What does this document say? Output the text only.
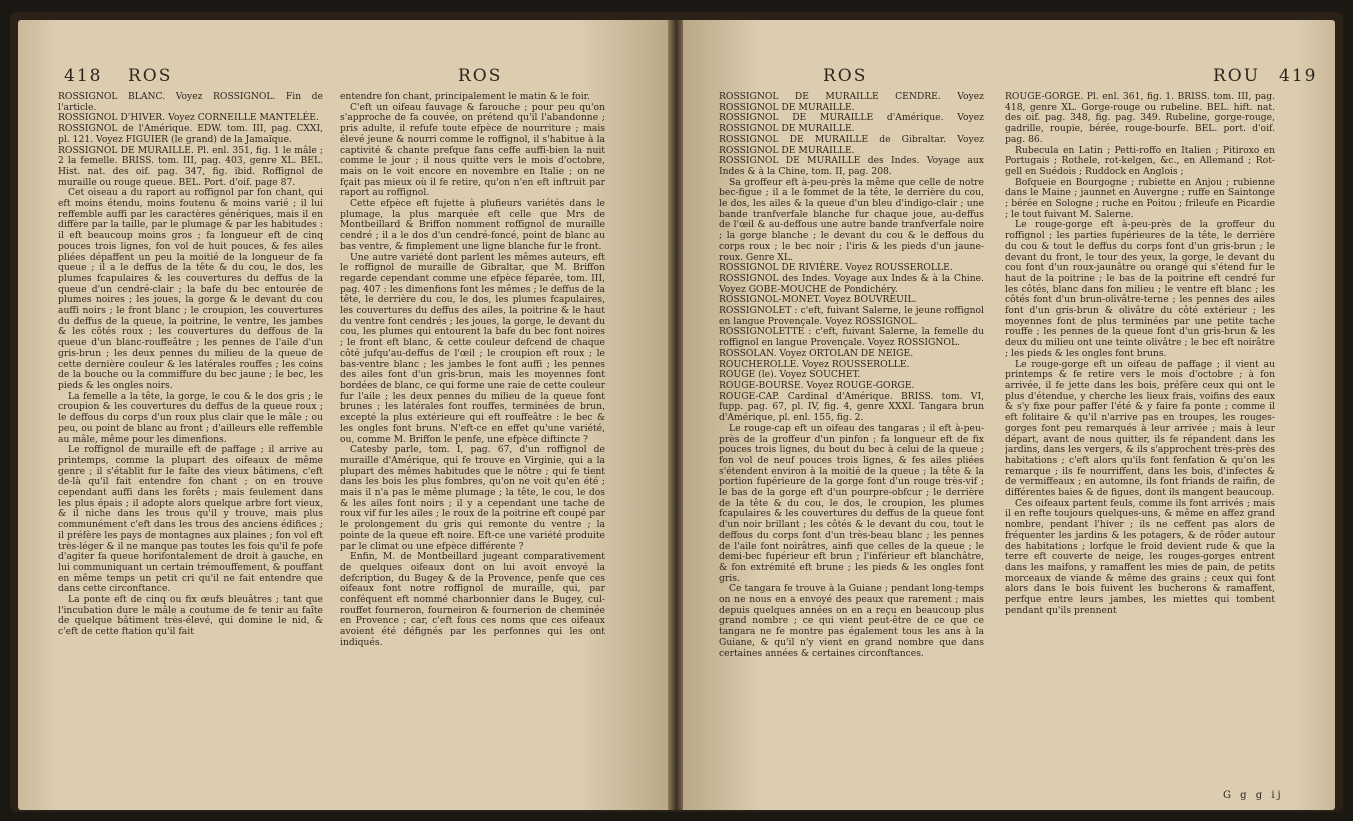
418 ROS	ROS

ROSSIGNOL BLANC. Voyez ROSSIGNOL. Fin de l'article.

ROSSIGNOL D'HIVER. Voyez CORNEILLE MANTELÉE.

ROSSIGNOL de l'Amérique. EDW. tom. III, pag. CXXI, pl. 121. Voyez FIGUIER (le grand) de la Jamaïque.

ROSSIGNOL DE MURAILLE. Pl. enl. 351, fig. 1 le mâle ; 2 la femelle. BRISS. tom. III, pag. 403, genre XL. BEL. Hist. nat. des oif. pag. 347, fig. ibid. Roffignol de muraille ou rouge queue. BEL. Port. d'oif. page 87.

Cet oiseau a du raport au roffignol par fon chant, qui eft moins étendu, moins foutenu & moins varié ; il lui reffemble auffi par les caractères génériques, mais il en diffère par la taille, par le plumage & par les habitudes : il eft beaucoup moins gros ; fa longueur eft de cinq pouces trois lignes, fon vol de huit pouces, & fes ailes pliées dépaffent un peu la moitié de la longueur de fa queue ; il a le deffus de la tête & du cou, le dos, les plumes fcapulaires & les couvertures du deffus de la queue d'un cendré-clair ; la bafe du bec entourée de plumes noires ; les joues, la gorge & le devant du cou auffi noirs ; le front blanc ; le croupion, les couvertures du deffus de la queue, la poitrine, le ventre, les jambes & les côtés roux ; les couvertures du deffous de la queue d'un blanc-rouffeâtre ; les pennes de l'aile d'un gris-brun ; les deux pennes du milieu de la queue de cette dernière couleur & les latérales rouffes ; les coins de la bouche ou la commiffure du bec jaune ; le bec, les pieds & les ongles noirs.

La femelle a la tête, la gorge, le cou & le dos gris ; le croupion & les couvertures du deffus de la queue roux ; le deffous du corps d'un roux plus clair que le mâle ; ou peu, ou point de blanc au front ; d'ailleurs elle reffemble au mâle, même pour les dimenfions.

Le roffignol de muraille eft de paffage ; il arrive au printemps, comme la plupart des oifeaux de même genre ; il s'établit fur le faîte des vieux bâtimens, c'eft de-là qu'il fait entendre fon chant ; on en trouve cependant auffi dans les forêts ; mais feulement dans les plus épais ; il adopte alors quelque arbre fort vieux, & il niche dans les trous qu'il y trouve, mais plus communément c'eft dans les trous des anciens édifices ; il préfère les pays de montagnes aux plaines ; fon vol eft très-léger & il ne manque pas toutes les fois qu'il fe pofe d'agiter fa queue horifontalement de droit à gauche, en lui communiquant un certain trémouffement, & pouffant en même temps un petit cri qu'il ne fait entendre que dans cette circonftance.

La ponte eft de cinq ou fix œufs bleuâtres ; tant que l'incubation dure le mâle a coutume de fe tenir au faîte de quelque bâtiment très-élevé, qui domine le nid, & c'eft de cette ftation qu'il fait

entendre fon chant, principalement le matin & le foir.

C'eft un oifeau fauvage & farouche ; pour peu qu'on s'approche de fa couvée, on prétend qu'il l'abandonne ; pris adulte, il refufe toute efpèce de nourriture ; mais élevé jeune & nourri comme le roffignol, il s'habitue à la captivité & chante prefque fans ceffe auffi-bien la nuit comme le jour ; il nous quitte vers le mois d'octobre, mais on le voit encore en novembre en Italie ; on ne fçait pas mieux où il fe retire, qu'on n'en eft inftruit par raport au roffignol.

Cette efpèce eft fujette à plufieurs variétés dans le plumage, la plus marquée eft celle que Mrs de Montbeillard & Briffon nomment roffignol de muraille cendré ; il a le dos d'un cendré-foncé, point de blanc au bas ventre, & fimplement une ligne blanche fur le front.

Une autre variété dont parlent les mêmes auteurs, eft le roffignol de muraille de Gibraltar, que M. Briffon regarde cependant comme une efpèce féparée, tom. III, pag. 407 : les dimenfions font les mêmes ; le deffus de la tête, le derrière du cou, le dos, les plumes fcapulaires, les couvertures du deffus des ailes, la poitrine & le haut du ventre font cendrés ; les joues, la gorge, le devant du cou, les plumes qui entourent la bafe du bec font noires ; le front eft blanc, & cette couleur defcend de chaque côté jufqu'au-deffus de l'œil ; le croupion eft roux ; le bas-ventre blanc ; les jambes le font auffi ; les pennes des ailes font d'un gris-brun, mais les moyennes font bordées de blanc, ce qui forme une raie de cette couleur fur l'aile ; les deux pennes du milieu de la queue font brunes ; les latérales font rouffes, terminées de brun, excepté la plus extérieure qui eft rouffeâtre : le bec & les ongles font bruns. N'eft-ce en effet qu'une variété, ou, comme M. Briffon le penfe, une efpèce diftincte ?

Catesby parle, tom. I, pag. 67, d'un roffignol de muraille d'Amérique, qui fe trouve en Virginie, qui a la plupart des mêmes habitudes que le nôtre ; qui fe tient dans les bois les plus fombres, qu'on ne voit qu'en été ; mais il n'a pas le même plumage ; la tête, le cou, le dos & les ailes font noirs ; il y a cependant une tache de roux vif fur les ailes ; le roux de la poitrine eft coupé par le prolongement du gris qui remonte du ventre ; la pointe de la queue eft noire. Eft-ce une variété produite par le climat ou une efpèce différente ?

Enfin, M. de Montbeillard jugeant comparativement de quelques oifeaux dont on lui avoit envoyé la defcription, du Bugey & de la Provence, penfe que ces oifeaux font notre roffignol de muraille, qui, par conféquent eft nommé charbonnier dans le Bugey, cul-rouffet fourneron, fourneiron & fournerion de cheminée en Provence ; car, c'eft fous ces noms que ces oifeaux avoient été défignés par les perfonnes qui les ont indiqués.

ROS	ROU 419

ROSSIGNOL DE MURAILLE CENDRÉ. Voyez ROSSIGNOL DE MURAILLE.

ROSSIGNOL DE MURAILLE d'Amérique. Voyez ROSSIGNOL DE MURAILLE.

ROSSIGNOL DE MURAILLE de Gibraltar. Voyez ROSSIGNOL DE MURAILLE.

ROSSIGNOL DE MURAILLE des Indes. Voyage aux Indes & à la Chine, tom. II, pag. 208.

Sa groffeur eft à-peu-près la même que celle de notre bec-figue ; il a le fommet de la tête, le derrière du cou, le dos, les ailes & la queue d'un bleu d'indigo-clair ; une bande tranfverfale blanche fur chaque joue, au-deffus de l'œil & au-deffous une autre bande tranfverfale noire ; la gorge blanche ; le devant du cou & le deffous du corps roux ; le bec noir ; l'iris & les pieds d'un jaune-roux. Genre XL.

ROSSIGNOL DE RIVIÈRE. Voyez ROUSSEROLLE.

ROSSIGNOL des Indes. Voyage aux Indes & à la Chine. Voyez GOBE-MOUCHE de Pondichéry.

ROSSIGNOL-MONET. Voyez BOUVREUIL.

ROSSIGNOLET : c'eft, fuivant Salerne, le jeune roffignol en langue Provençale. Voyez ROSSIGNOL.

ROSSIGNOLETTE : c'eft, fuivant Salerne, la femelle du roffignol en langue Provençale. Voyez ROSSIGNOL.

ROSSOLAN. Voyez ORTOLAN DE NEIGE.

ROUCHEROLLE. Voyez ROUSSEROLLE.

ROUGE (le). Voyez SOUCHET.

ROUGE-BOURSE. Voyez ROUGE-GORGE.

ROUGE-CAP. Cardinal d'Amérique. BRISS. tom. VI, fupp. pag. 67, pl. IV, fig. 4, genre XXXI. Tangara brun d'Amérique, pl. enl. 155, fig. 2.

Le rouge-cap eft un oifeau des tangaras ; il eft à-peu-près de la groffeur d'un pinfon ; fa longueur eft de fix pouces trois lignes, du bout du bec à celui de la queue ; fon vol de neuf pouces trois lignes, & fes ailes pliées s'étendent environ à la moitié de la queue ; la tête & la portion fupérieure de la gorge font d'un rouge très-vif ; le bas de la gorge eft d'un pourpre-obfcur ; le derrière de la tête & du cou, le dos, le croupion, les plumes fcapulaires & les couvertures du deffus de la queue font d'un noir brillant ; les côtés & le devant du cou, tout le deffous du corps font d'un très-beau blanc ; les pennes de l'aile font noirâtres, ainfi que celles de la queue ; le demi-bec fupérieur eft brun ; l'inférieur eft blanchâtre, & fon extrémité eft brune ; les pieds & les ongles font gris.

Ce tangara fe trouve à la Guiane ; pendant long-temps on ne nous en a envoyé des peaux que rarement ; mais depuis quelques années on en a reçu en beaucoup plus grand nombre ; ce qui vient peut-être de ce que ce tangara ne fe montre pas également tous les ans à la Guiane, & qu'il n'y vient en grand nombre que dans certaines années & certaines circonftances.

ROUGE-GORGE. Pl. enl. 361, fig. 1. BRISS. tom. III, pag. 418, genre XL. Gorge-rouge ou rubeline. BEL. hift. nat. des oif. pag. 348, fig. pag. 349. Rubeline, gorge-rouge, gadrille, roupie, bérée, rouge-bourfe. BEL. port. d'oif. pag. 86.

Rubecula en Latin ; Petti-roffo en Italien ; Pitiroxo en Portugais ; Rothele, rot-kelgen, &c., en Allemand ; Rot-gell en Suédois ; Ruddock en Anglois ;

Bofqueie en Bourgogne ; rubiette en Anjou ; rubienne dans le Maine ; jaunnet en Auvergne ; ruffe en Saintonge ; bérée en Sologne ; ruche en Poitou ; frileufe en Picardie ; le tout fuivant M. Salerne.

Le rouge-gorge eft à-peu-près de la groffeur du roffignol ; les parties fupérieures de la tête, le derrière du cou & tout le deffus du corps font d'un gris-brun ; le devant du front, le tour des yeux, la gorge, le devant du cou font d'un roux-jaunâtre ou orangé qui s'étend fur le haut de la poitrine ; le bas de la poitrine eft cendré fur les côtés, blanc dans fon milieu ; le ventre eft blanc ; les côtés font d'un brun-olivâtre-terne ; les pennes des ailes font d'un gris-brun & olivâtre du côté extérieur ; les moyennes font de plus terminées par une petite tache rouffe ; les pennes de la queue font d'un gris-brun & les deux du milieu ont une teinte olivâtre ; le bec eft noirâtre ; les pieds & les ongles font bruns.

Le rouge-gorge eft un oifeau de paffage ; il vient au printemps & fe retire vers le mois d'octobre ; à fon arrivée, il fe jette dans les bois, préfère ceux qui ont le plus d'étendue, y cherche les lieux frais, voifins des eaux & s'y fixe pour paffer l'été & y faire fa ponte ; comme il eft folitaire & qu'il n'arrive pas en troupes, les rouges-gorges font peu remarqués à leur arrivée ; mais à leur départ, avant de nous quitter, ils fe répandent dans les jardins, dans les vergers, & ils s'approchent très-près des habitations ; c'eft alors qu'ils font fenfation & qu'on les remarque ; ils fe nourriffent, dans les bois, d'infectes & de vermiffeaux ; en automne, ils font friands de raifin, de différentes baies & de figues, dont ils mangent beaucoup.

Ces oifeaux partent feuls, comme ils font arrivés ; mais il en refte toujours quelques-uns, & même en affez grand nombre, pendant l'hiver ; ils ne ceffent pas alors de fréquenter les jardins & les potagers, & de rôder autour des habitations ; lorfque le froid devient rude & que la terre eft couverte de neige, les rouges-gorges entrent dans les maifons, y ramaffent les mies de pain, de petits morceaux de viande & même des grains ; ceux qui font alors dans le bois fuivent les bucherons & ramaffent, perfque entre leurs jambes, les miettes qui tombent pendant qu'ils prennent

G g g ij
